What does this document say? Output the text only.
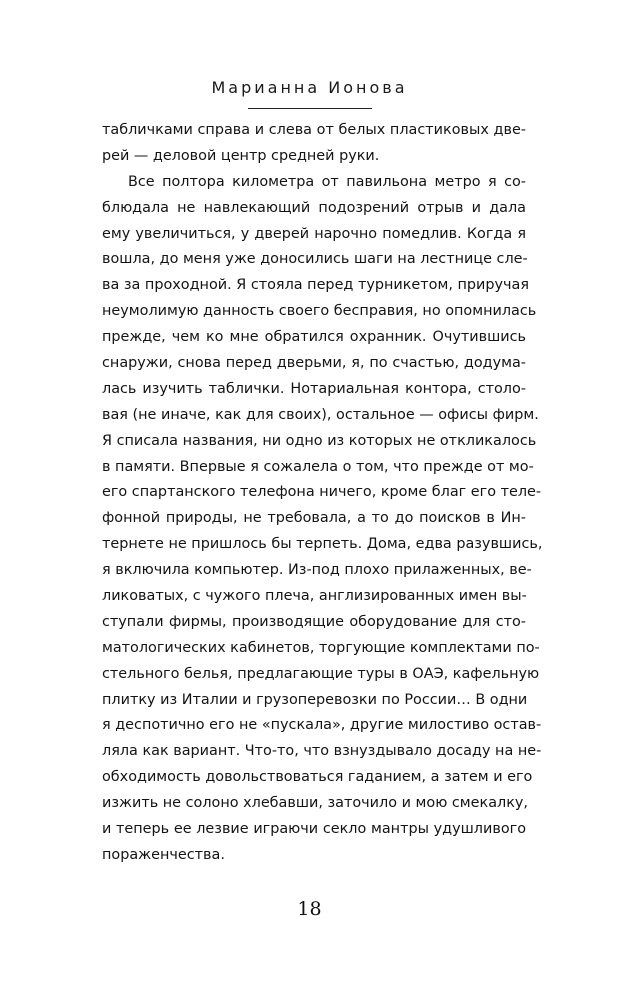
Марианна Ионова
табличками справа и слева от белых пластиковых две-
рей — деловой центр средней руки.
Все полтора километра от павильона метро я со-
блюдала не навлекающий подозрений отрыв и дала
ему увеличиться, у дверей нарочно помедлив. Когда я
вошла, до меня уже доносились шаги на лестнице сле-
ва за проходной. Я стояла перед турникетом, приручая
неумолимую данность своего бесправия, но опомнилась
прежде, чем ко мне обратился охранник. Очутившись
снаружи, снова перед дверьми, я, по счастью, додума-
лась изучить таблички. Нотариальная контора, столо-
вая (не иначе, как для своих), остальное — офисы фирм.
Я списала названия, ни одно из которых не откликалось
в памяти. Впервые я сожалела о том, что прежде от мо-
его спартанского телефона ничего, кроме благ его теле-
фонной природы, не требовала, а то до поисков в Ин-
тернете не пришлось бы терпеть. Дома, едва разувшись,
я включила компьютер. Из-под плохо прилаженных, ве-
ликоватых, с чужого плеча, англизированных имен вы-
ступали фирмы, производящие оборудование для сто-
матологических кабинетов, торгующие комплектами по-
стельного белья, предлагающие туры в ОАЭ, кафельную
плитку из Италии и грузоперевозки по России… В одни
я деспотично его не «пускала», другие милостиво остав-
ляла как вариант. Что-то, что взнуздывало досаду на не-
обходимость довольствоваться гаданием, а затем и его
изжить не солоно хлебавши, заточило и мою смекалку,
и теперь ее лезвие играючи секло мантры удушливого
пораженчества.
18
